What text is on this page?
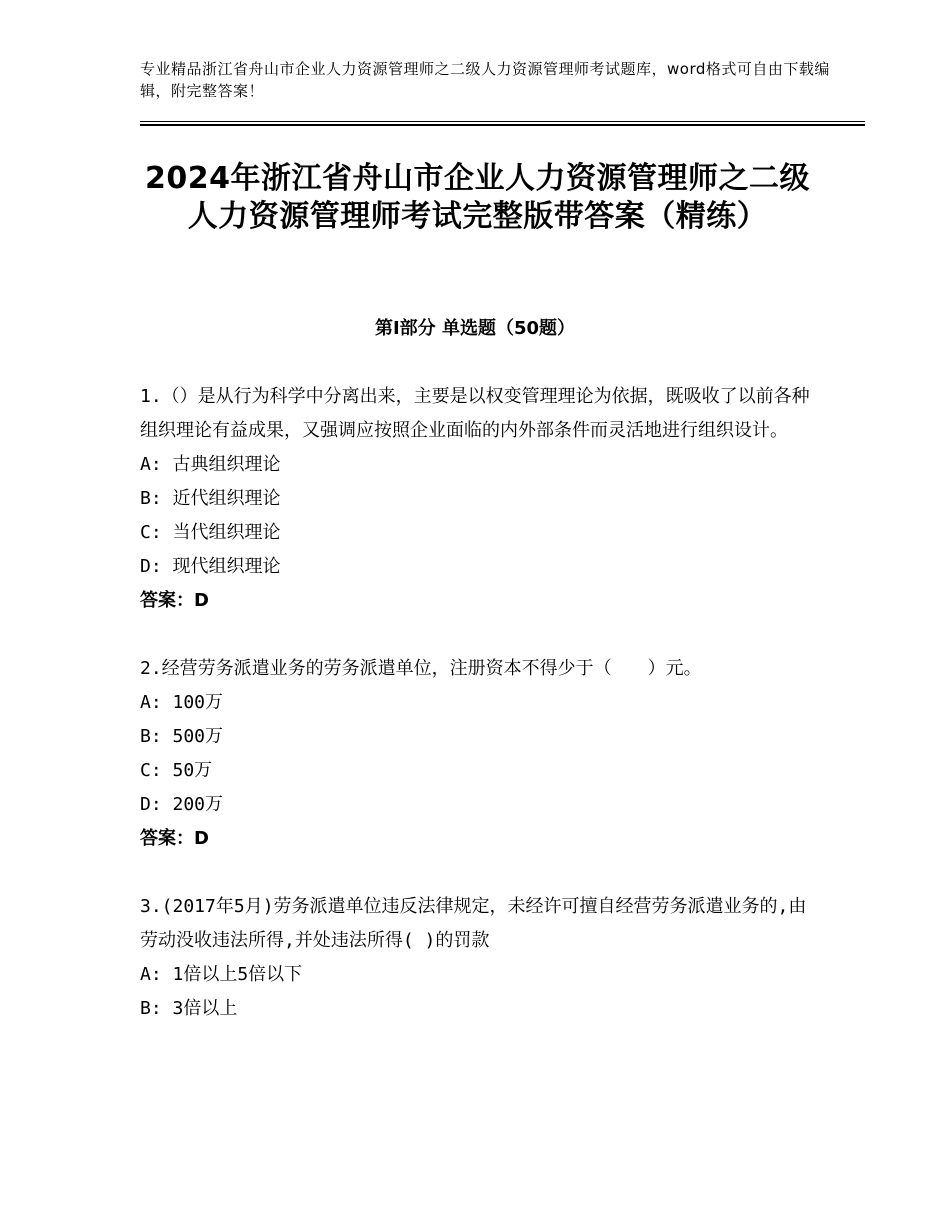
专业精品浙江省舟山市企业人力资源管理师之二级人力资源管理师考试题库，word格式可自由下载编辑，附完整答案！
2024年浙江省舟山市企业人力资源管理师之二级人力资源管理师考试完整版带答案（精练）
第Ⅰ部分 单选题（50题）

1.（）是从行为科学中分离出来，主要是以权变管理理论为依据，既吸收了以前各种组织理论有益成果，又强调应按照企业面临的内外部条件而灵活地进行组织设计。

A: 古典组织理论

B: 近代组织理论

C: 当代组织理论

D: 现代组织理论

答案：D

2.经营劳务派遣业务的劳务派遣单位，注册资本不得少于（　　）元。

A: 100万

B: 500万

C: 50万

D: 200万

答案：D

3.(2017年5月)劳务派遣单位违反法律规定，未经许可擅自经营劳务派遣业务的,由劳动没收违法所得,并处违法所得( )的罚款

A: 1倍以上5倍以下

B: 3倍以上
